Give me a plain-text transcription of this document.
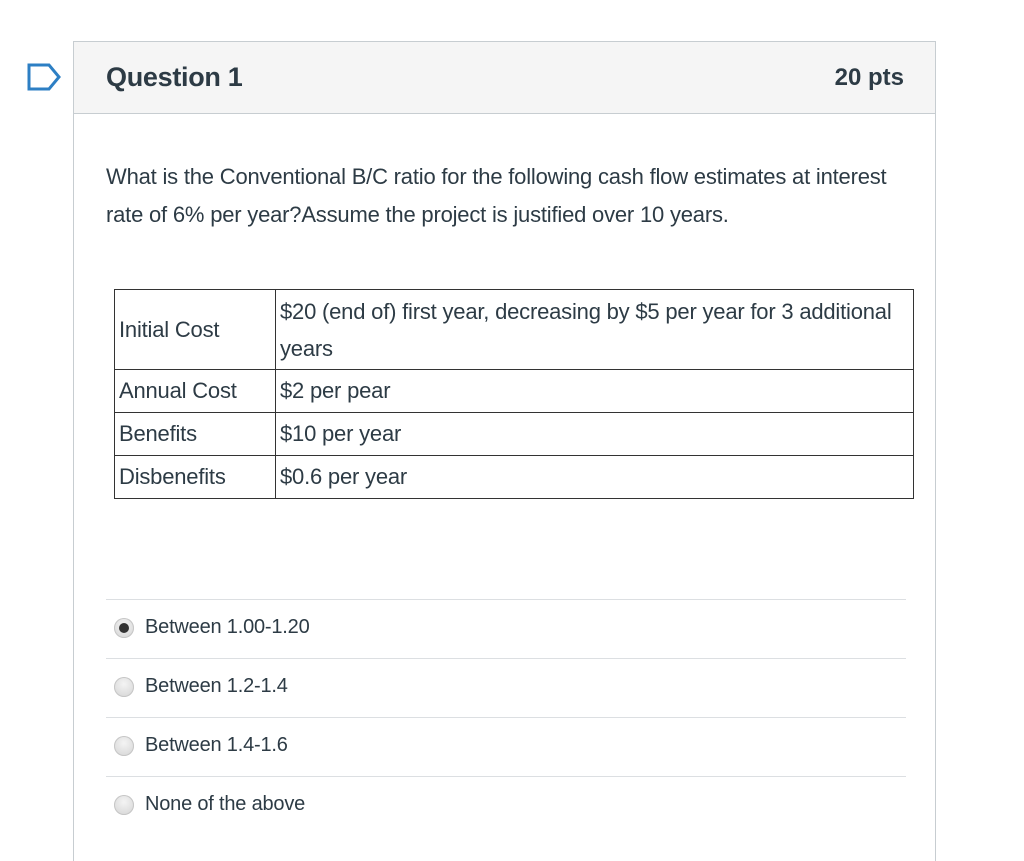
Question 1	20 pts
What is the Conventional B/C ratio for the following cash flow estimates at interest rate of 6% per year?Assume the project is justified over 10 years.
Initial Cost	$20 (end of) first year, decreasing by $5 per year for 3 additional years
Annual Cost	$2 per pear
Benefits	$10 per year
Disbenefits	$0.6 per year
Between 1.00-1.20
Between 1.2-1.4
Between 1.4-1.6
None of the above
